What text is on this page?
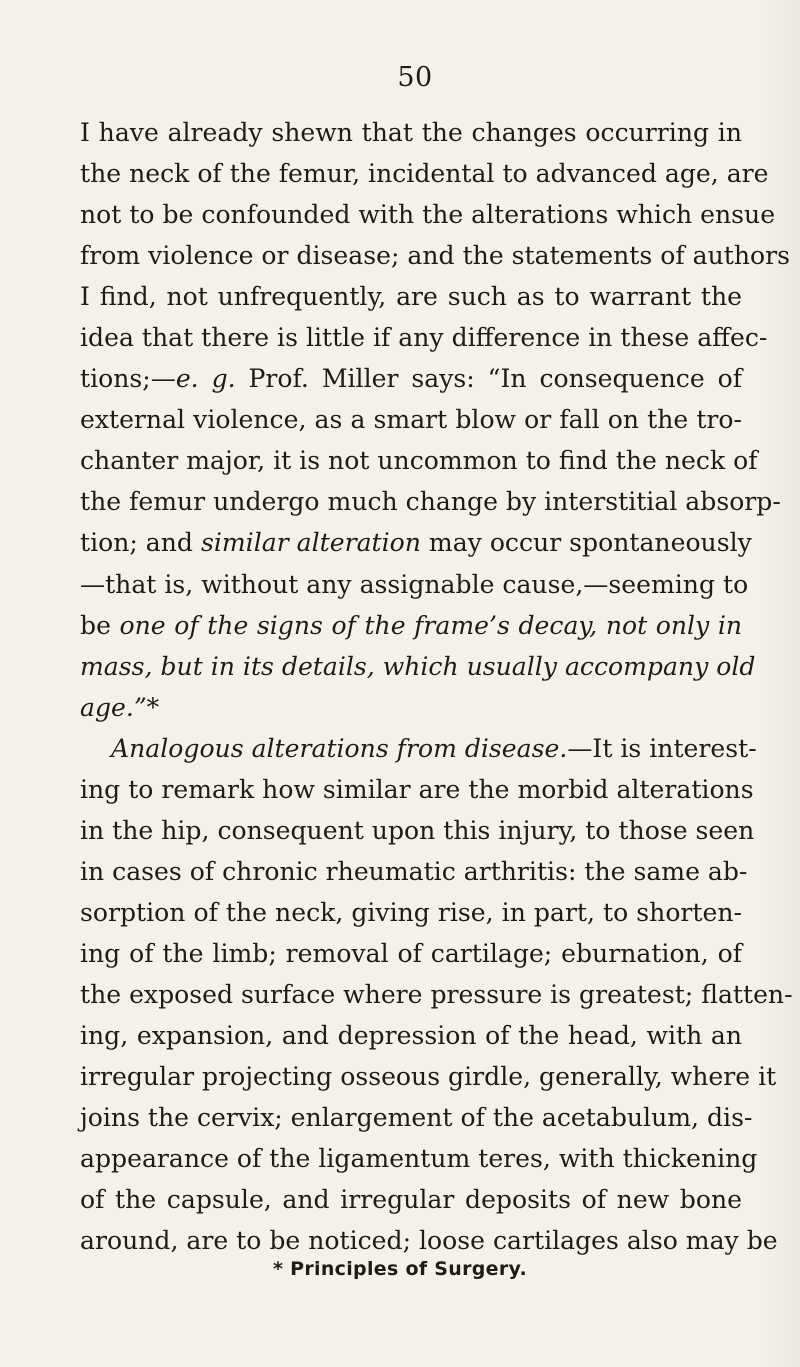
50
I have already shewn that the changes occurring in
the neck of the femur, incidental to advanced age, are
not to be confounded with the alterations which ensue
from violence or disease; and the statements of authors
I find, not unfrequently, are such as to warrant the
idea that there is little if any difference in these affec-
tions;—e. g. Prof. Miller says: “In consequence of
external violence, as a smart blow or fall on the tro-
chanter major, it is not uncommon to find the neck of
the femur undergo much change by interstitial absorp-
tion; and similar alteration may occur spontaneously
—that is, without any assignable cause,—seeming to
be one of the signs of the frame’s decay, not only in
mass, but in its details, which usually accompany old
age.”*
Analogous alterations from disease.—It is interest-
ing to remark how similar are the morbid alterations
in the hip, consequent upon this injury, to those seen
in cases of chronic rheumatic arthritis: the same ab-
sorption of the neck, giving rise, in part, to shorten-
ing of the limb; removal of cartilage; eburnation, of
the exposed surface where pressure is greatest; flatten-
ing, expansion, and depression of the head, with an
irregular projecting osseous girdle, generally, where it
joins the cervix; enlargement of the acetabulum, dis-
appearance of the ligamentum teres, with thickening
of the capsule, and irregular deposits of new bone
around, are to be noticed; loose cartilages also may be
* Principles of Surgery.
